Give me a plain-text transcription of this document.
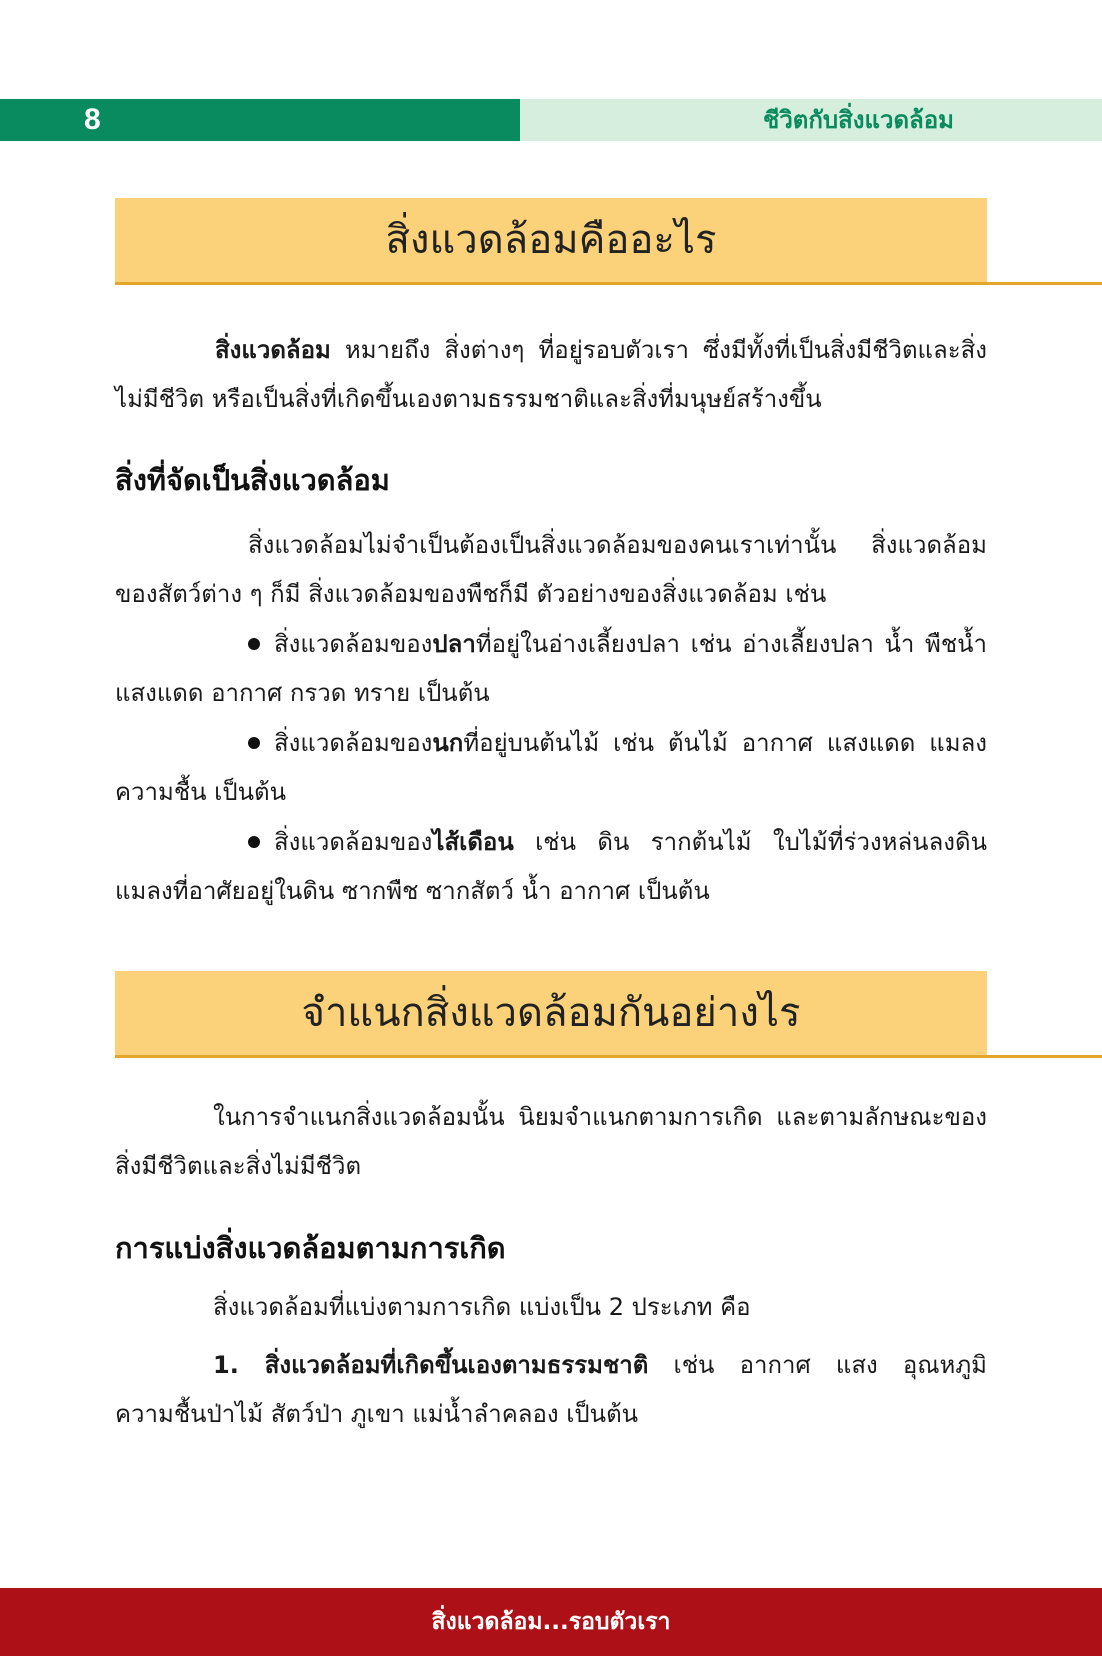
8	ชีวิตกับสิ่งแวดล้อม
สิ่งแวดล้อมคืออะไร

สิ่งแวดล้อม หมายถึง สิ่งต่างๆ ที่อยู่รอบตัวเรา ซึ่งมีทั้งที่เป็นสิ่งมีชีวิตและสิ่งไม่มีชีวิต หรือเป็นสิ่งที่เกิดขึ้นเองตามธรรมชาติและสิ่งที่มนุษย์สร้างขึ้น

สิ่งที่จัดเป็นสิ่งแวดล้อม

สิ่งแวดล้อมไม่จำเป็นต้องเป็นสิ่งแวดล้อมของคนเราเท่านั้น สิ่งแวดล้อมของสัตว์ต่าง ๆ ก็มี สิ่งแวดล้อมของพืชก็มี ตัวอย่างของสิ่งแวดล้อม เช่น

สิ่งแวดล้อมของปลาที่อยู่ในอ่างเลี้ยงปลา เช่น อ่างเลี้ยงปลา น้ำ พืชน้ำ แสงแดด อากาศ กรวด ทราย เป็นต้น

สิ่งแวดล้อมของนกที่อยู่บนต้นไม้ เช่น ต้นไม้ อากาศ แสงแดด แมลงความชื้น เป็นต้น

สิ่งแวดล้อมของไส้เดือน เช่น ดิน รากต้นไม้ ใบไม้ที่ร่วงหล่นลงดิน แมลงที่อาศัยอยู่ในดิน ซากพืช ซากสัตว์ น้ำ อากาศ เป็นต้น

จำแนกสิ่งแวดล้อมกันอย่างไร

ในการจำแนกสิ่งแวดล้อมนั้น นิยมจำแนกตามการเกิด และตามลักษณะของสิ่งมีชีวิตและสิ่งไม่มีชีวิต

การแบ่งสิ่งแวดล้อมตามการเกิด

สิ่งแวดล้อมที่แบ่งตามการเกิด แบ่งเป็น 2 ประเภท คือ

1. สิ่งแวดล้อมที่เกิดขึ้นเองตามธรรมชาติ เช่น อากาศ แสง อุณหภูมิ ความชื้นป่าไม้ สัตว์ป่า ภูเขา แม่น้ำลำคลอง เป็นต้น

สิ่งแวดล้อม...รอบตัวเรา
